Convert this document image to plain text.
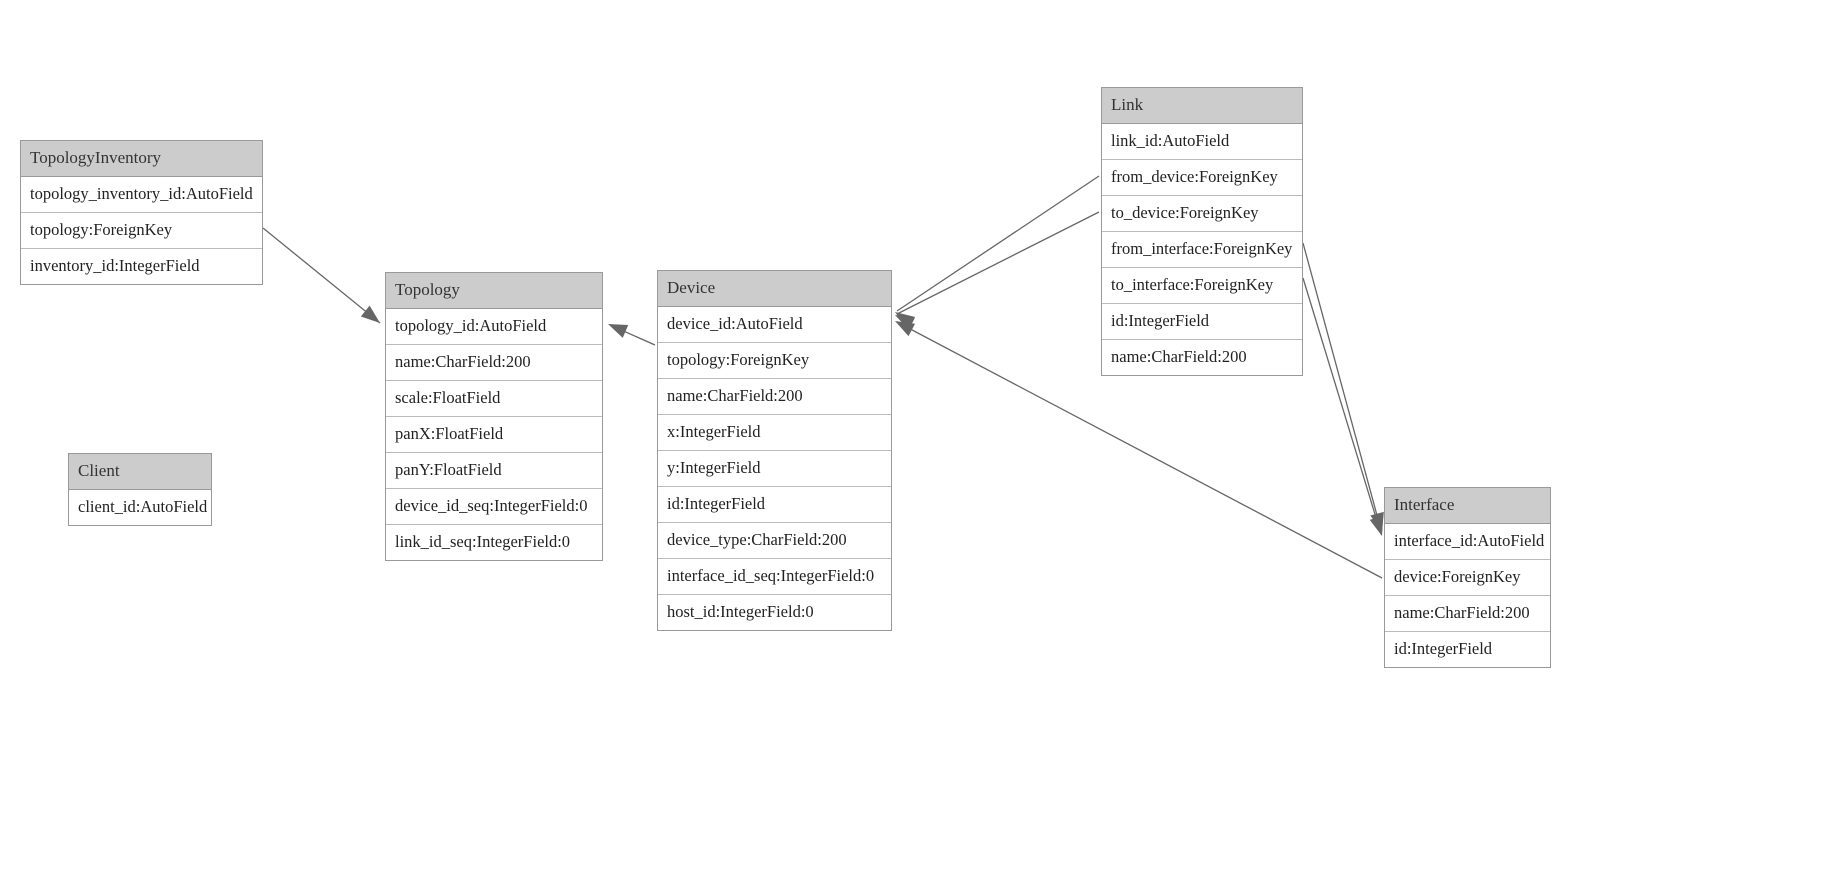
TopologyInventory
topology_inventory_id:AutoField
topology:ForeignKey
inventory_id:IntegerField
Client
client_id:AutoField
Topology
topology_id:AutoField
name:CharField:200
scale:FloatField
panX:FloatField
panY:FloatField
device_id_seq:IntegerField:0
link_id_seq:IntegerField:0
Device
device_id:AutoField
topology:ForeignKey
name:CharField:200
x:IntegerField
y:IntegerField
id:IntegerField
device_type:CharField:200
interface_id_seq:IntegerField:0
host_id:IntegerField:0
Link
link_id:AutoField
from_device:ForeignKey
to_device:ForeignKey
from_interface:ForeignKey
to_interface:ForeignKey
id:IntegerField
name:CharField:200
Interface
interface_id:AutoField
device:ForeignKey
name:CharField:200
id:IntegerField
